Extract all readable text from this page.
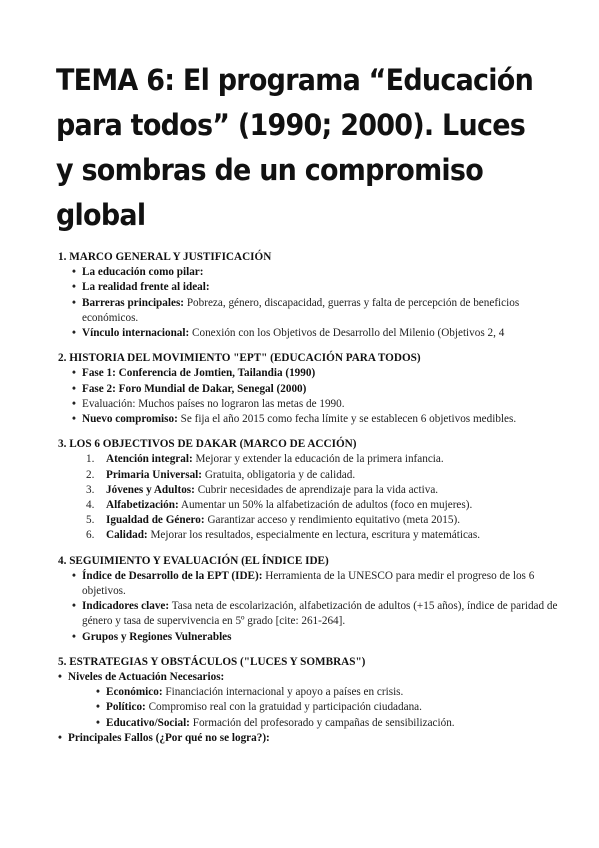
TEMA 6: El programa “Educación para todos” (1990; 2000). Luces y sombras de un compromiso global
1. MARCO GENERAL Y JUSTIFICACIÓN
• La educación como pilar:
• La realidad frente al ideal:
• Barreras principales: Pobreza, género, discapacidad, guerras y falta de percepción de beneficios económicos.
• Vínculo internacional: Conexión con los Objetivos de Desarrollo del Milenio (Objetivos 2, 4
2. HISTORIA DEL MOVIMIENTO "EPT" (EDUCACIÓN PARA TODOS)
• Fase 1: Conferencia de Jomtien, Tailandia (1990)
• Fase 2: Foro Mundial de Dakar, Senegal (2000)
• Evaluación: Muchos países no lograron las metas de 1990.
• Nuevo compromiso: Se fija el año 2015 como fecha límite y se establecen 6 objetivos medibles.
3. LOS 6 OBJECTIVOS DE DAKAR (MARCO DE ACCIÓN)
1. Atención integral: Mejorar y extender la educación de la primera infancia.
2. Primaria Universal: Gratuita, obligatoria y de calidad.
3. Jóvenes y Adultos: Cubrir necesidades de aprendizaje para la vida activa.
4. Alfabetización: Aumentar un 50% la alfabetización de adultos (foco en mujeres).
5. Igualdad de Género: Garantizar acceso y rendimiento equitativo (meta 2015).
6. Calidad: Mejorar los resultados, especialmente en lectura, escritura y matemáticas.
4. SEGUIMIENTO Y EVALUACIÓN (EL ÍNDICE IDE)
• Índice de Desarrollo de la EPT (IDE): Herramienta de la UNESCO para medir el progreso de los 6 objetivos.
• Indicadores clave: Tasa neta de escolarización, alfabetización de adultos (+15 años), índice de paridad de género y tasa de supervivencia en 5º grado [cite: 261-264].
• Grupos y Regiones Vulnerables
5. ESTRATEGIAS Y OBSTÁCULOS ("LUCES Y SOMBRAS")
• Niveles de Actuación Necesarios:
• Económico: Financiación internacional y apoyo a países en crisis.
• Político: Compromiso real con la gratuidad y participación ciudadana.
• Educativo/Social: Formación del profesorado y campañas de sensibilización.
• Principales Fallos (¿Por qué no se logra?):
